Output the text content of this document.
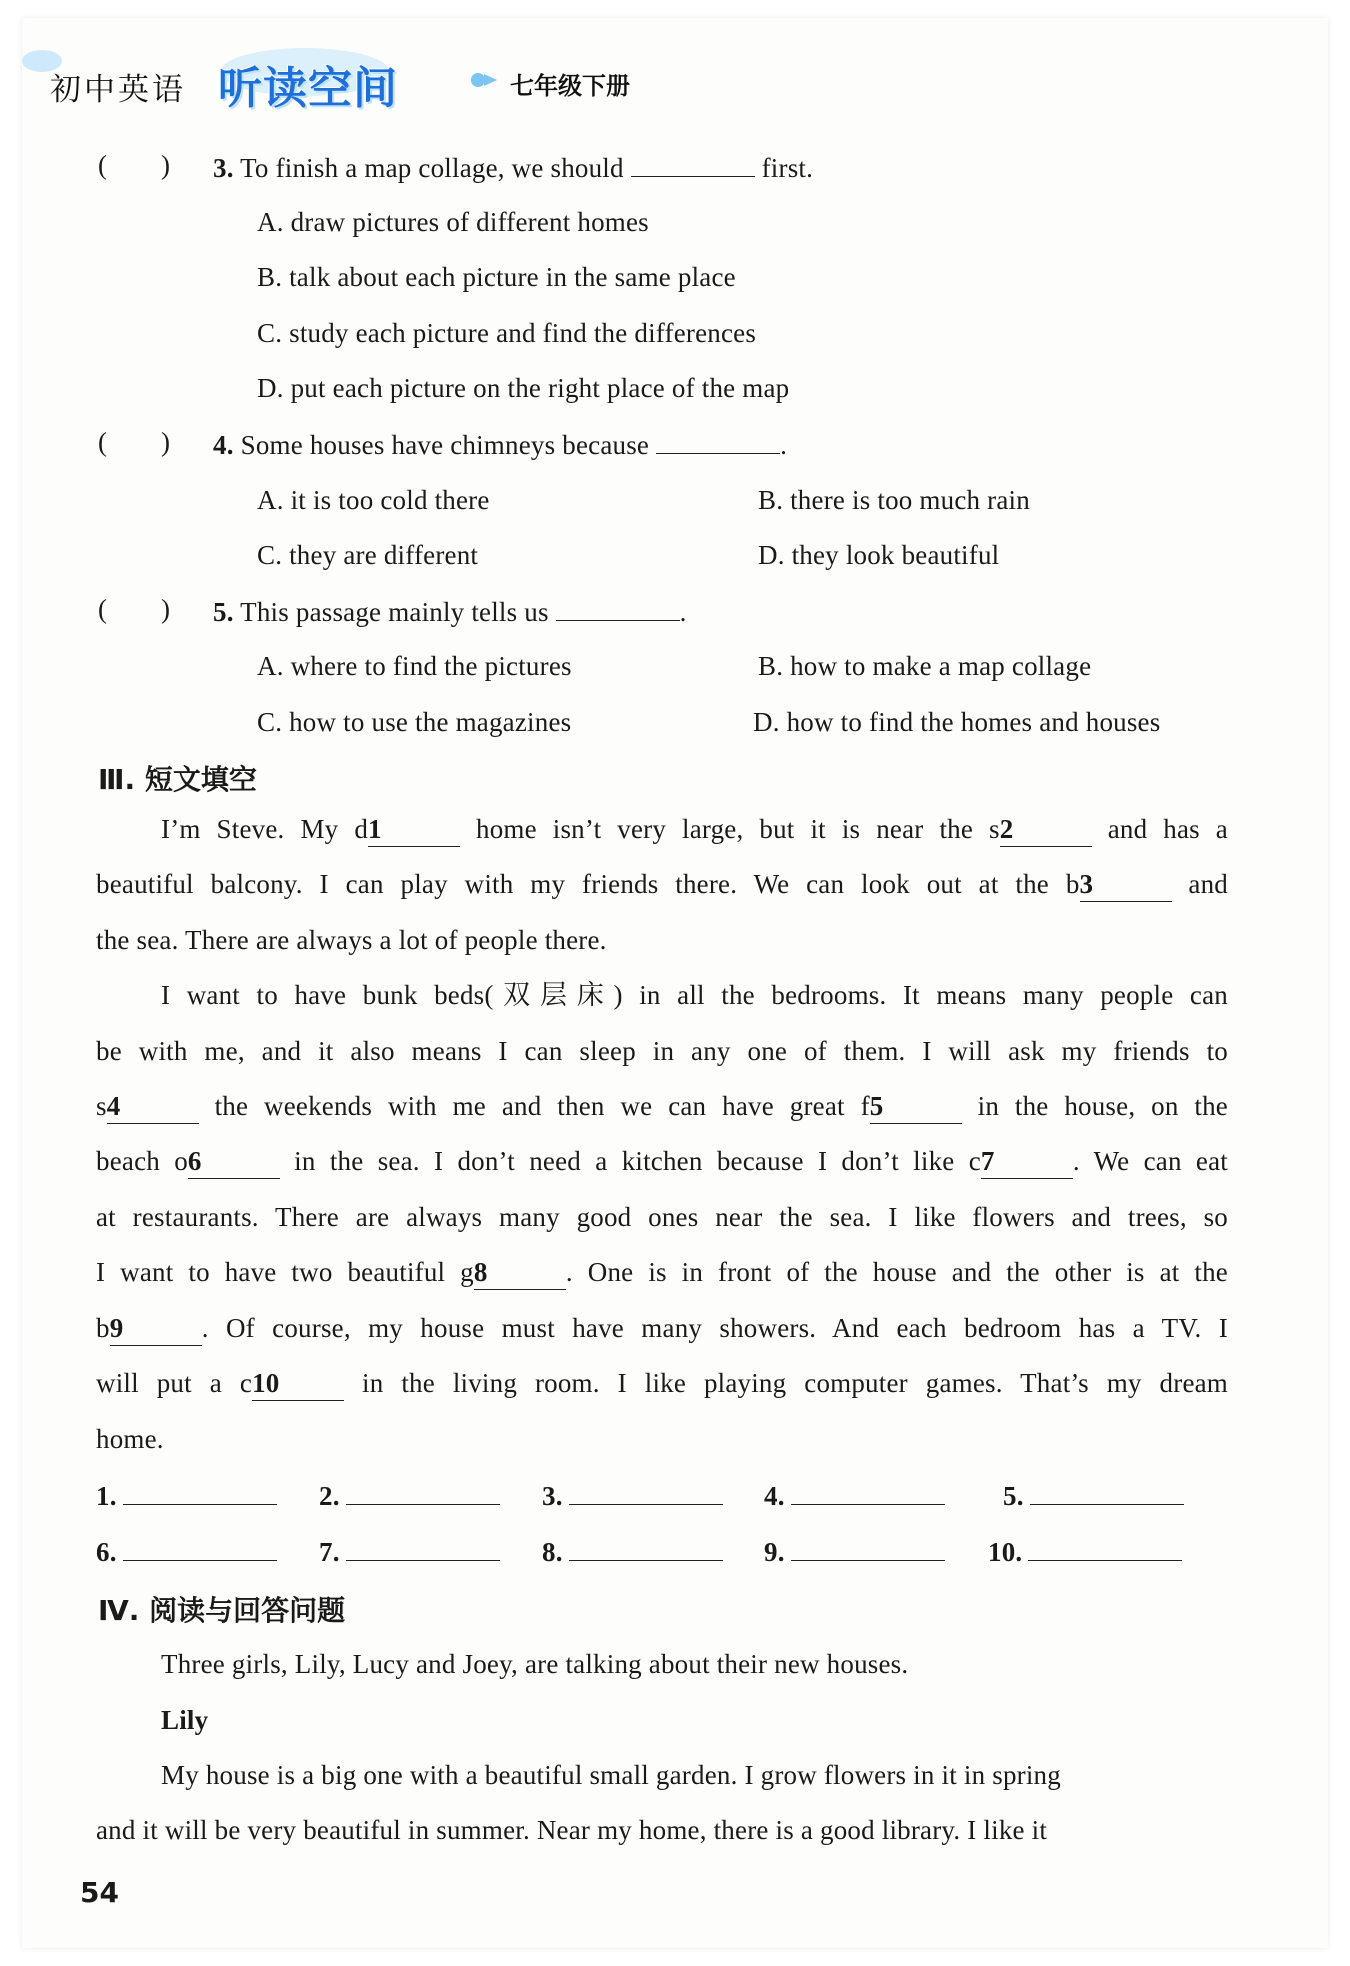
初中英语 听读空间	七年级下册
(        ) 3. To finish a map collage, we should	first.
A. draw pictures of different homes
B. talk about each picture in the same place
C. study each picture and find the differences
D. put each picture on the right place of the map
(        ) 4. Some houses have chimneys because	.
A. it is too cold there	B. there is too much rain
C. they are different	D. they look beautiful
(        ) 5. This passage mainly tells us	.
A. where to find the pictures	B. how to make a map collage
C. how to use the magazines	D. how to find the homes and houses
Ⅲ. 短文填空
I’m Steve. My d1	home isn’t very large, but it is near the s2	and has a
beautiful balcony. I can play with my friends there. We can look out at the b3	and
the sea. There are always a lot of people there.
I want to have bunk beds(双层床) in all the bedrooms. It means many people can
be with me, and it also means I can sleep in any one of them. I will ask my friends to
s4	the weekends with me and then we can have great f5	in the house, on the
beach o6	in the sea. I don’t need a kitchen because I don’t like c7	. We can eat
at restaurants. There are always many good ones near the sea. I like flowers and trees, so
I want to have two beautiful g8	. One is in front of the house and the other is at the
b9	. Of course, my house must have many showers. And each bedroom has a TV. I
will put a c10 in the living room. I like playing computer games. That’s my dream
home.
1.	2.	3.	4.	5.
6.	7.	8.	9.	10.
Ⅳ. 阅读与回答问题
Three girls, Lily, Lucy and Joey, are talking about their new houses.
Lily
My house is a big one with a beautiful small garden. I grow flowers in it in spring
and it will be very beautiful in summer. Near my home, there is a good library. I like it
54
